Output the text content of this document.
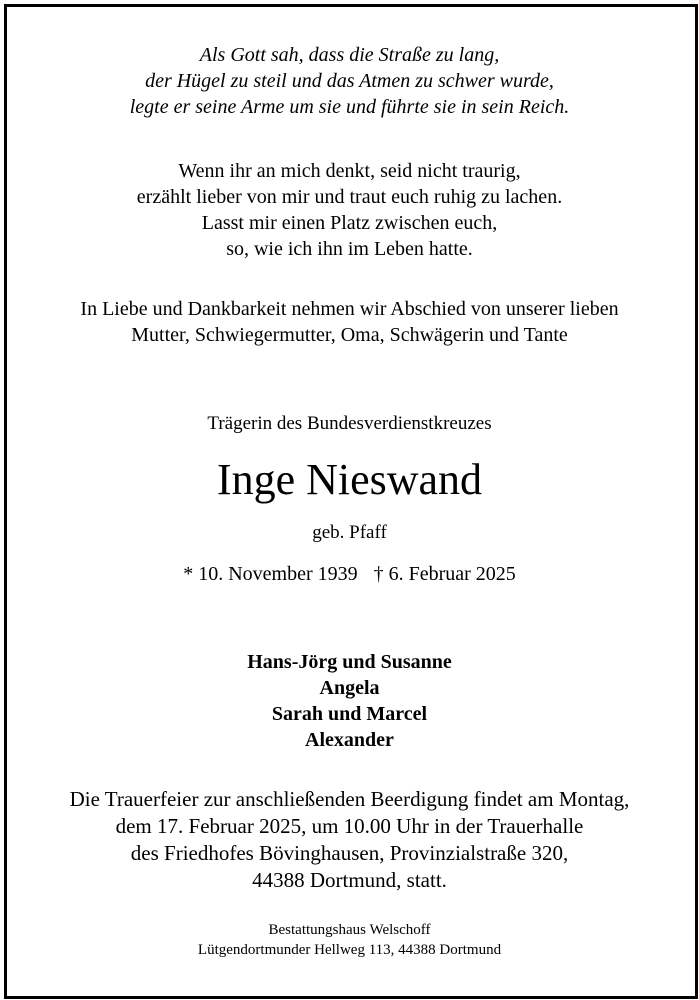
Als Gott sah, dass die Straße zu lang,
der Hügel zu steil und das Atmen zu schwer wurde,
legte er seine Arme um sie und führte sie in sein Reich.
Wenn ihr an mich denkt, seid nicht traurig,
erzählt lieber von mir und traut euch ruhig zu lachen.
Lasst mir einen Platz zwischen euch,
so, wie ich ihn im Leben hatte.
In Liebe und Dankbarkeit nehmen wir Abschied von unserer lieben
Mutter, Schwiegermutter, Oma, Schwägerin und Tante
Trägerin des Bundesverdienstkreuzes
Inge Nieswand
geb. Pfaff
* 10. November 1939 † 6. Februar 2025
Hans-Jörg und Susanne
Angela
Sarah und Marcel
Alexander
Die Trauerfeier zur anschließenden Beerdigung findet am Montag,
dem 17. Februar 2025, um 10.00 Uhr in der Trauerhalle
des Friedhofes Bövinghausen, Provinzialstraße 320,
44388 Dortmund, statt.
Bestattungshaus Welschoff
Lütgendortmunder Hellweg 113, 44388 Dortmund
